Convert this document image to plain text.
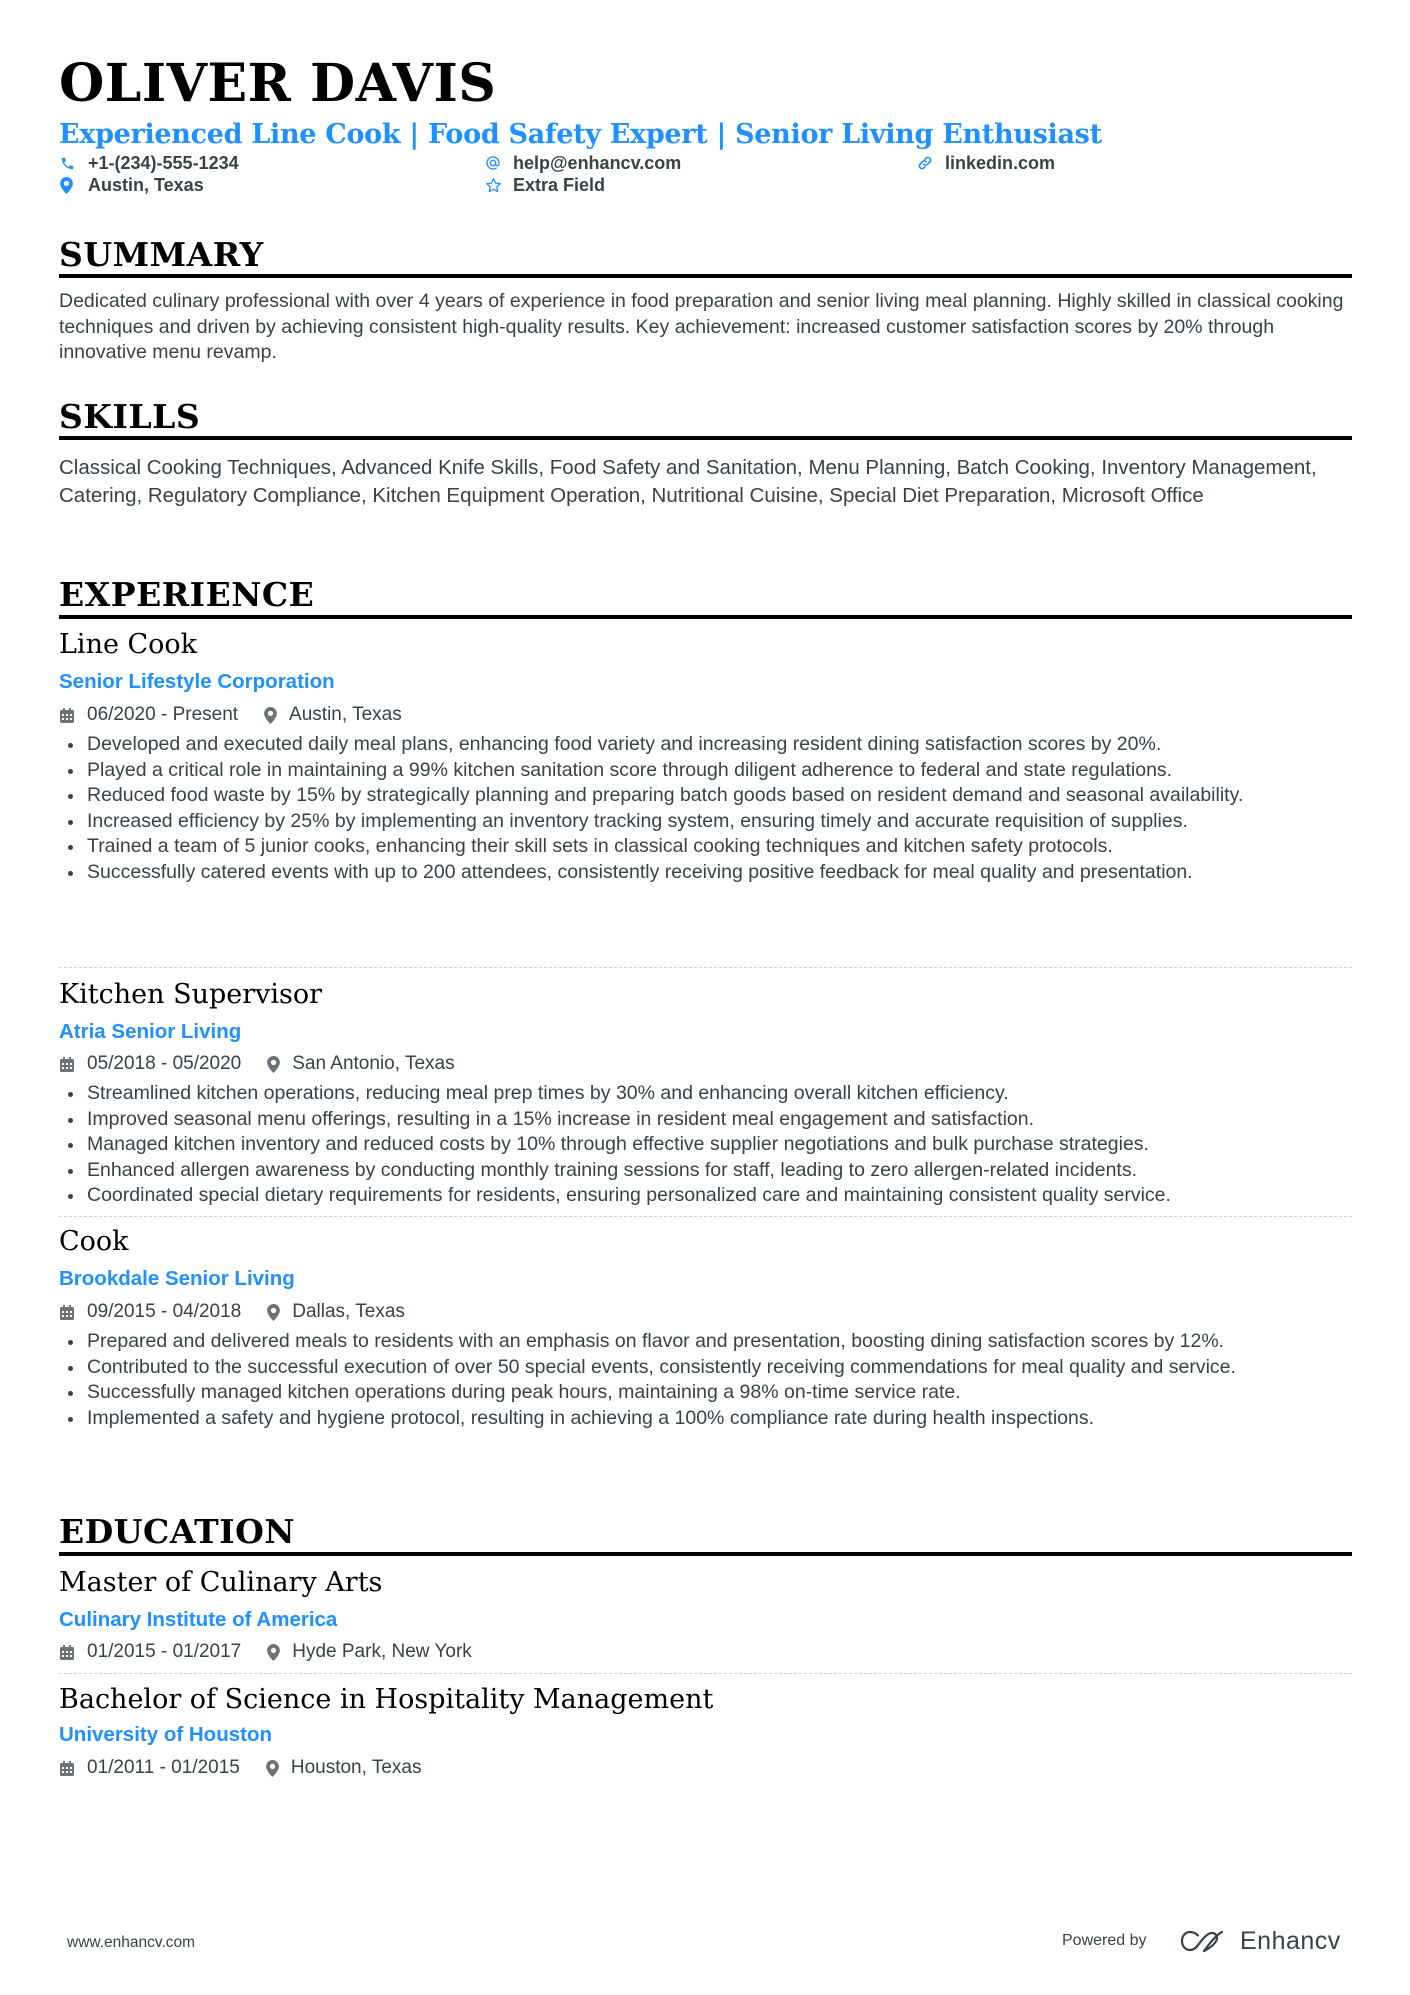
OLIVER DAVIS
Experienced Line Cook | Food Safety Expert | Senior Living Enthusiast
+1-(234)-555-1234	help@enhancv.com	linkedin.com
Austin, Texas	Extra Field
SUMMARY
Dedicated culinary professional with over 4 years of experience in food preparation and senior living meal planning. Highly skilled in classical cooking techniques and driven by achieving consistent high-quality results. Key achievement: increased customer satisfaction scores by 20% through innovative menu revamp.
SKILLS
Classical Cooking Techniques, Advanced Knife Skills, Food Safety and Sanitation, Menu Planning, Batch Cooking, Inventory Management, Catering, Regulatory Compliance, Kitchen Equipment Operation, Nutritional Cuisine, Special Diet Preparation, Microsoft Office
EXPERIENCE
Line Cook
Senior Lifestyle Corporation
06/2020 - Present	Austin, Texas
Developed and executed daily meal plans, enhancing food variety and increasing resident dining satisfaction scores by 20%.
Played a critical role in maintaining a 99% kitchen sanitation score through diligent adherence to federal and state regulations.
Reduced food waste by 15% by strategically planning and preparing batch goods based on resident demand and seasonal availability.
Increased efficiency by 25% by implementing an inventory tracking system, ensuring timely and accurate requisition of supplies.
Trained a team of 5 junior cooks, enhancing their skill sets in classical cooking techniques and kitchen safety protocols.
Successfully catered events with up to 200 attendees, consistently receiving positive feedback for meal quality and presentation.
Kitchen Supervisor
Atria Senior Living
05/2018 - 05/2020	San Antonio, Texas
Streamlined kitchen operations, reducing meal prep times by 30% and enhancing overall kitchen efficiency.
Improved seasonal menu offerings, resulting in a 15% increase in resident meal engagement and satisfaction.
Managed kitchen inventory and reduced costs by 10% through effective supplier negotiations and bulk purchase strategies.
Enhanced allergen awareness by conducting monthly training sessions for staff, leading to zero allergen-related incidents.
Coordinated special dietary requirements for residents, ensuring personalized care and maintaining consistent quality service.
Cook
Brookdale Senior Living
09/2015 - 04/2018	Dallas, Texas
Prepared and delivered meals to residents with an emphasis on flavor and presentation, boosting dining satisfaction scores by 12%.
Contributed to the successful execution of over 50 special events, consistently receiving commendations for meal quality and service.
Successfully managed kitchen operations during peak hours, maintaining a 98% on-time service rate.
Implemented a safety and hygiene protocol, resulting in achieving a 100% compliance rate during health inspections.
EDUCATION
Master of Culinary Arts
Culinary Institute of America
01/2015 - 01/2017	Hyde Park, New York
Bachelor of Science in Hospitality Management
University of Houston
01/2011 - 01/2015	Houston, Texas
www.enhancv.com	Powered by	Enhancv
